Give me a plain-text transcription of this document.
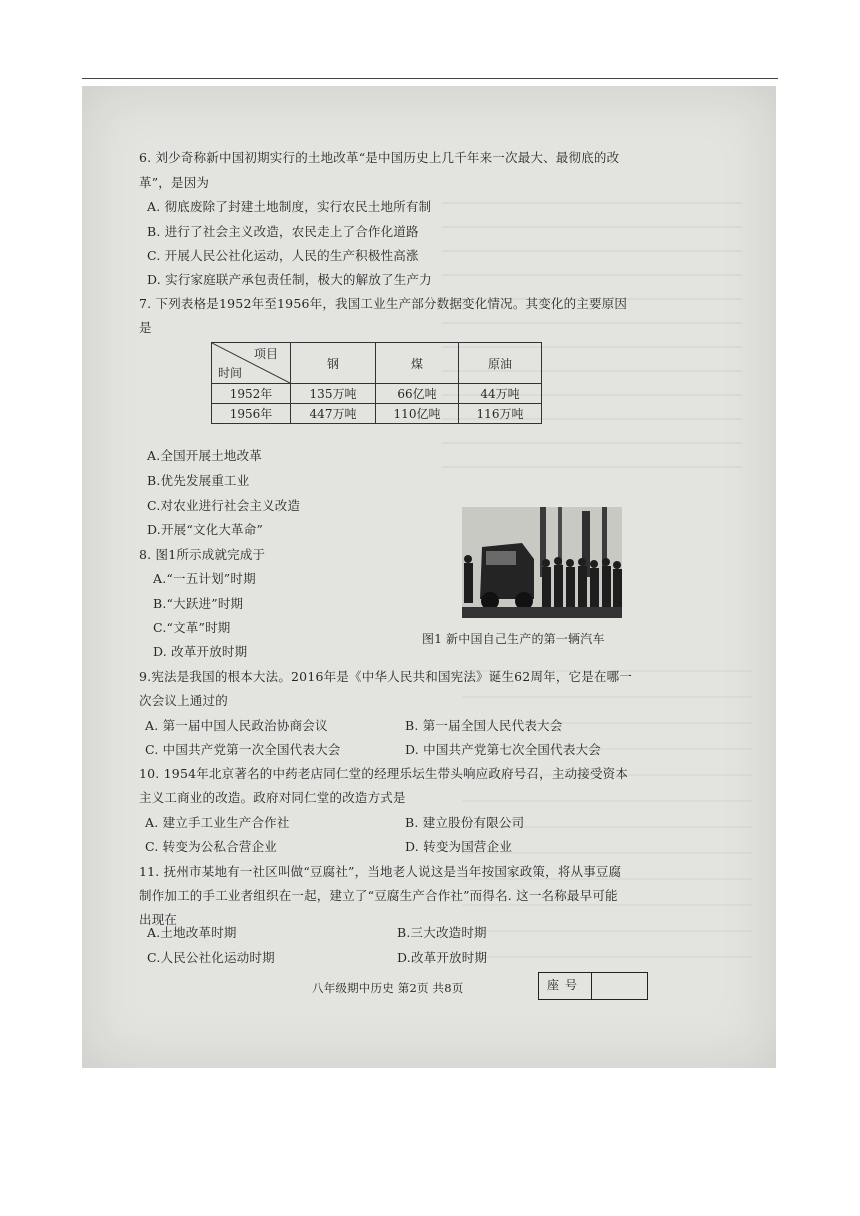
6. 刘少奇称新中国初期实行的土地改革“是中国历史上几千年来一次最大、最彻底的改
革”，是因为
A. 彻底废除了封建土地制度，实行农民土地所有制
B. 进行了社会主义改造，农民走上了合作化道路
C. 开展人民公社化运动，人民的生产积极性高涨
D. 实行家庭联产承包责任制，极大的解放了生产力
7. 下列表格是1952年至1956年，我国工业生产部分数据变化情况。其变化的主要原因
是
项目
时间	钢	煤	原油
1952年	135万吨	66亿吨	44万吨
1956年	447万吨	110亿吨	116万吨
A.全国开展土地改革
B.优先发展重工业
C.对农业进行社会主义改造
D.开展“文化大革命”
8. 图1所示成就完成于
A.“一五计划”时期
B.“大跃进”时期
C.“文革”时期
D. 改革开放时期
图1 新中国自己生产的第一辆汽车
9.宪法是我国的根本大法。2016年是《中华人民共和国宪法》诞生62周年，它是在哪一
次会议上通过的
A. 第一届中国人民政治协商会议	B. 第一届全国人民代表大会
C. 中国共产党第一次全国代表大会	D. 中国共产党第七次全国代表大会
10. 1954年北京著名的中药老店同仁堂的经理乐坛生带头响应政府号召，主动接受资本
主义工商业的改造。政府对同仁堂的改造方式是
A. 建立手工业生产合作社	B. 建立股份有限公司
C. 转变为公私合营企业	D. 转变为国营企业
11. 抚州市某地有一社区叫做“豆腐社”，当地老人说这是当年按国家政策，将从事豆腐
制作加工的手工业者组织在一起，建立了“豆腐生产合作社”而得名. 这一名称最早可能
出现在
A.土地改革时期	B.三大改造时期
C.人民公社化运动时期	D.改革开放时期
八年级期中历史 第2页 共8页	座号
